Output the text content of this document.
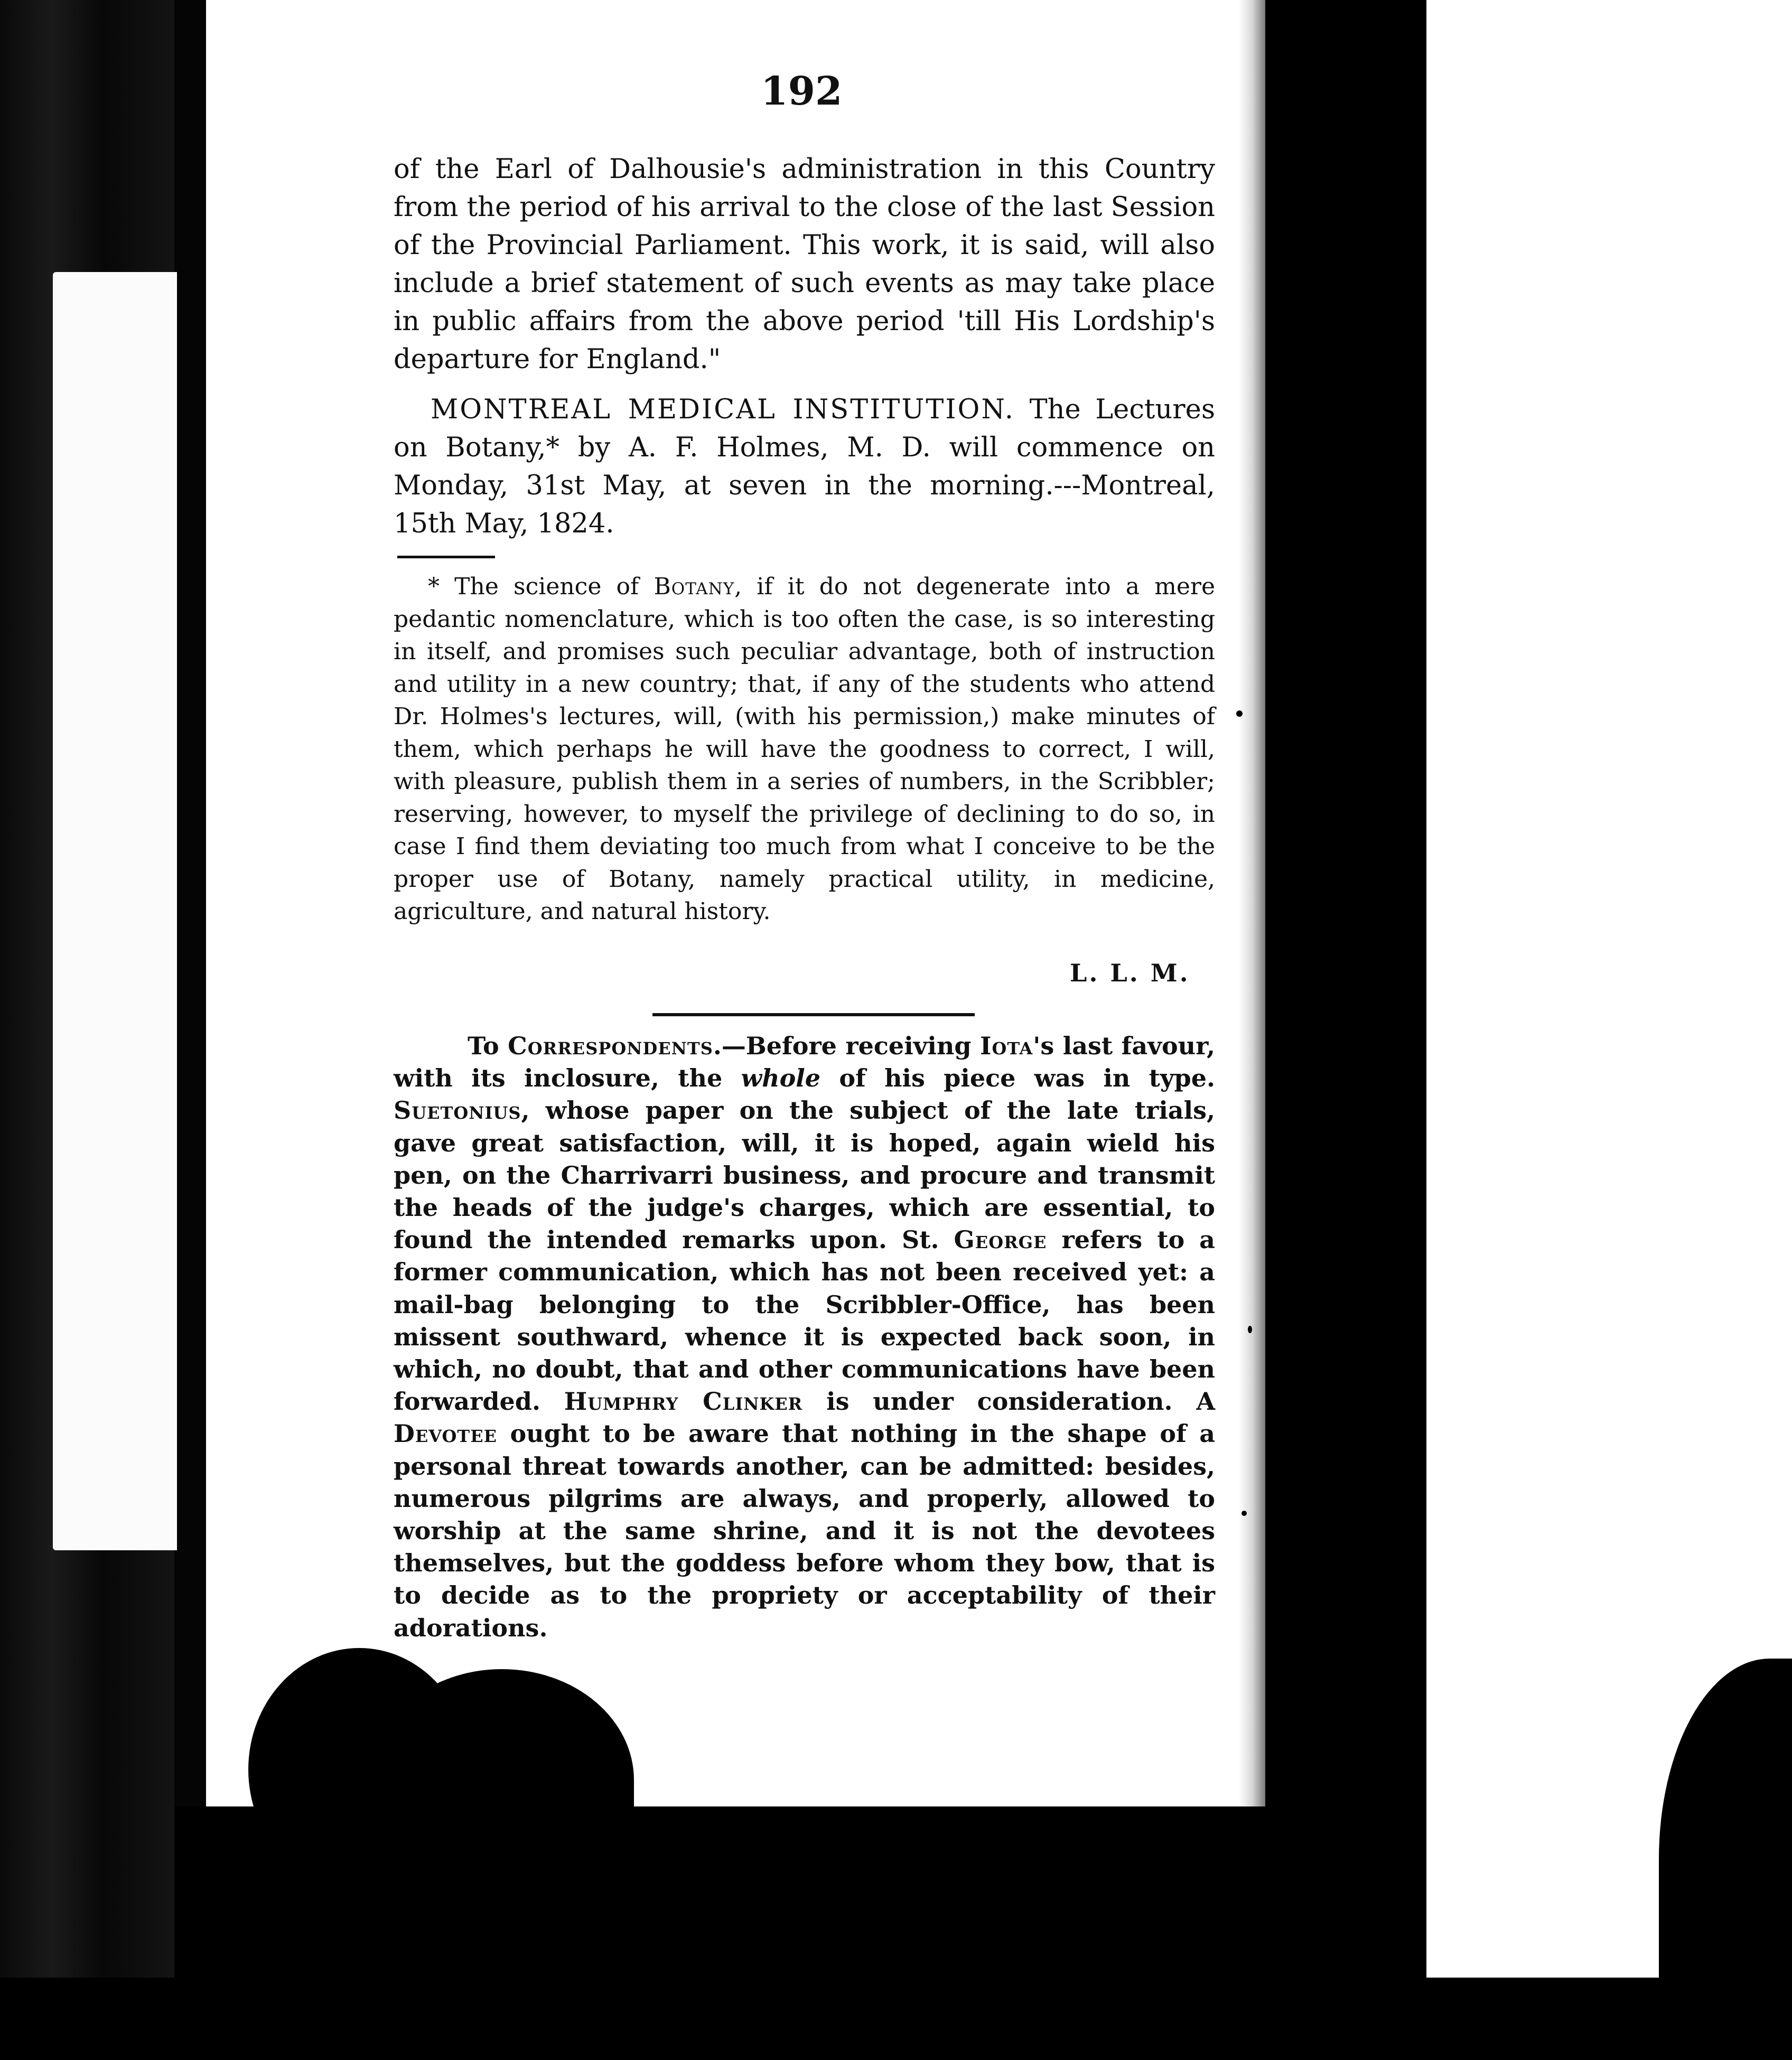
192
of the Earl of Dalhousie's administration in this Country from the period of his arrival to the close of the last Session of the Provincial Parliament. This work, it is said, will also include a brief statement of such events as may take place in public affairs from the above period 'till His Lordship's departure for England."
MONTREAL MEDICAL INSTITUTION. The Lectures on Botany,* by A. F. Holmes, M. D. will commence on Monday, 31st May, at seven in the morning.---Montreal, 15th May, 1824.
* The science of Botany, if it do not degenerate into a mere pedantic nomenclature, which is too often the case, is so interesting in itself, and promises such peculiar advantage, both of instruction and utility in a new country; that, if any of the students who attend Dr. Holmes's lectures, will, (with his permission,) make minutes of them, which perhaps he will have the goodness to correct, I will, with pleasure, publish them in a series of numbers, in the Scribbler; reserving, however, to myself the privilege of declining to do so, in case I find them deviating too much from what I conceive to be the proper use of Botany, namely practical utility, in medicine, agriculture, and natural history.
L. L. M.
To Correspondents.—Before receiving Iota's last favour, with its inclosure, the whole of his piece was in type. Suetonius, whose paper on the subject of the late trials, gave great satisfaction, will, it is hoped, again wield his pen, on the Charrivarri business, and procure and transmit the heads of the judge's charges, which are essential, to found the intended remarks upon. St. George refers to a former communication, which has not been received yet: a mail-bag belonging to the Scribbler-Office, has been missent southward, whence it is expected back soon, in which, no doubt, that and other communications have been forwarded. Humphry Clinker is under consideration. A Devotee ought to be aware that nothing in the shape of a personal threat towards another, can be admitted: besides, numerous pilgrims are always, and properly, allowed to worship at the same shrine, and it is not the devotees themselves, but the goddess before whom they bow, that is to decide as to the propriety or acceptability of their adorations.
